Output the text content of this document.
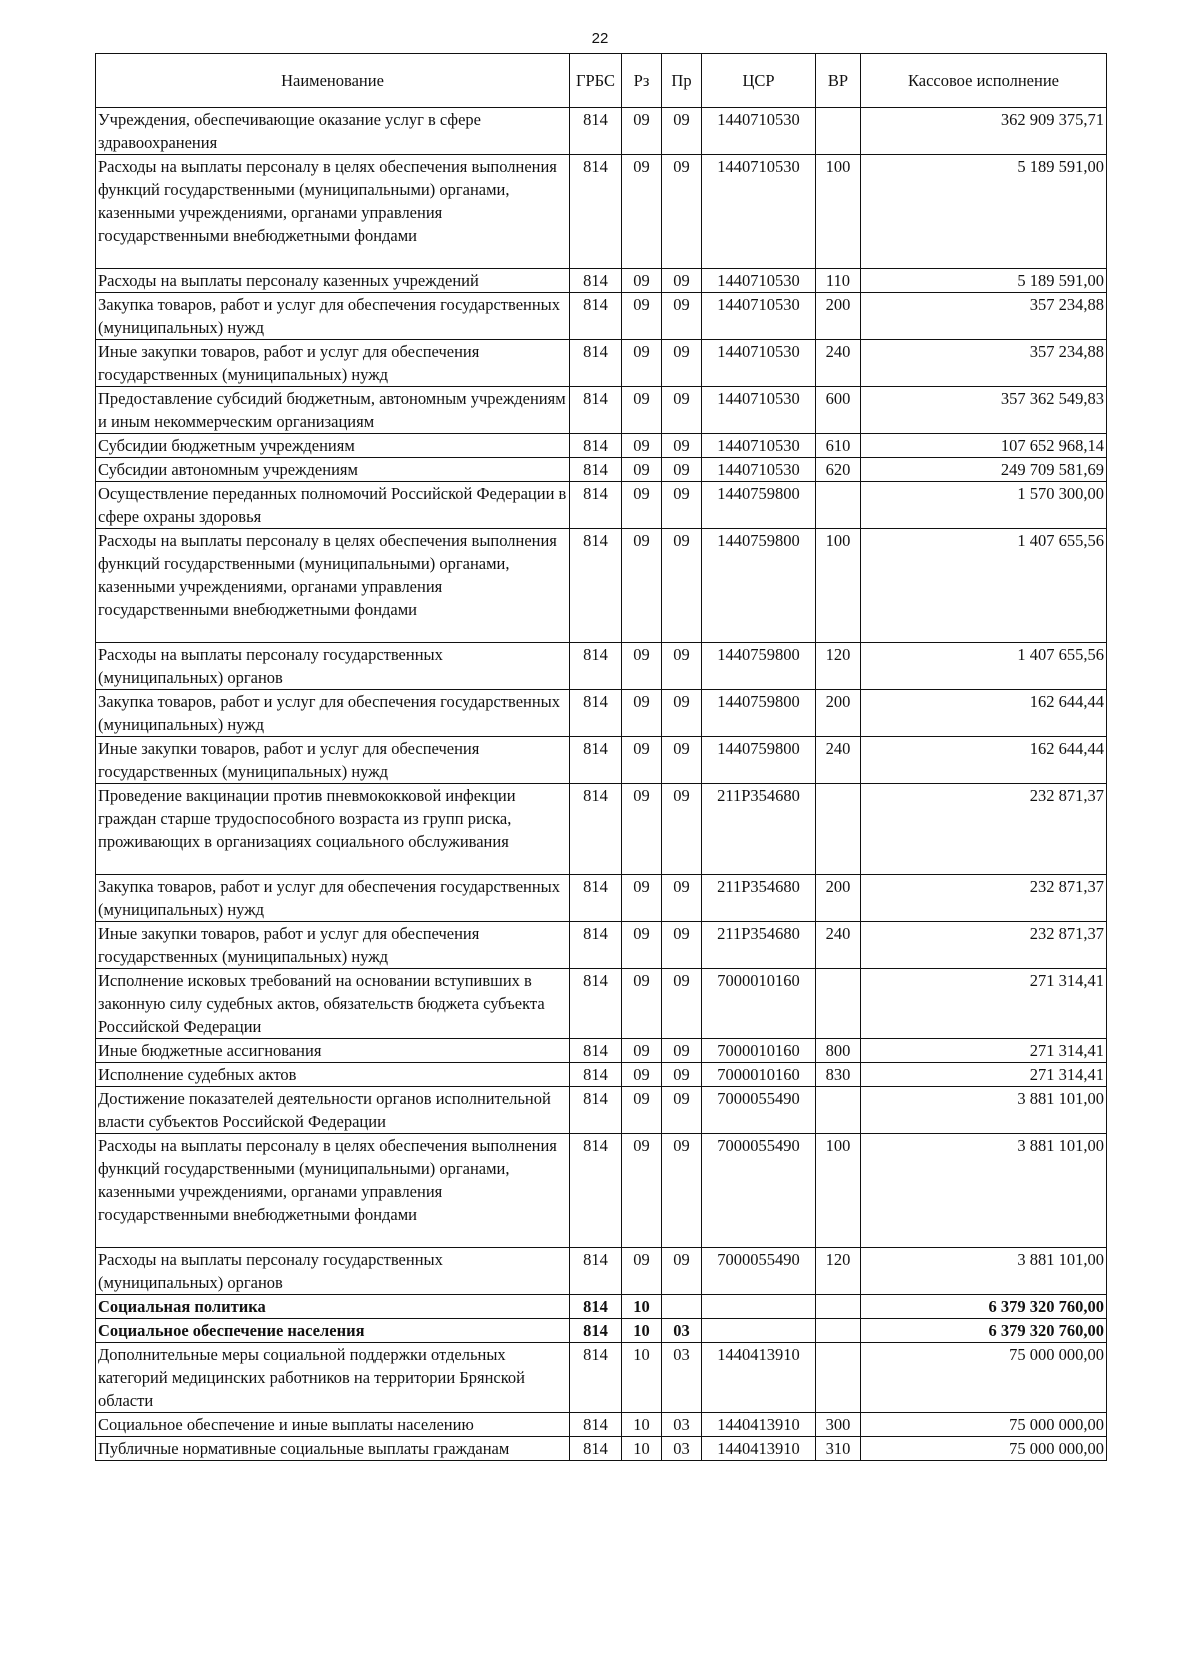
22
Наименование	ГРБС	Рз	Пр	ЦСР	ВР	Кассовое исполнение
Учреждения, обеспечивающие оказание услуг в сфере здравоохранения	814	09	09	1440710530		362 909 375,71
Расходы на выплаты персоналу в целях обеспечения выполнения функций государственными (муниципальными) органами, казенными учреждениями, органами управления государственными внебюджетными фондами	814	09	09	1440710530	100	5 189 591,00
Расходы на выплаты персоналу казенных учреждений	814	09	09	1440710530	110	5 189 591,00
Закупка товаров, работ и услуг для обеспечения государственных (муниципальных) нужд	814	09	09	1440710530	200	357 234,88
Иные закупки товаров, работ и услуг для обеспечения государственных (муниципальных) нужд	814	09	09	1440710530	240	357 234,88
Предоставление субсидий бюджетным, автономным учреждениям и иным некоммерческим организациям	814	09	09	1440710530	600	357 362 549,83
Субсидии бюджетным учреждениям	814	09	09	1440710530	610	107 652 968,14
Субсидии автономным учреждениям	814	09	09	1440710530	620	249 709 581,69
Осуществление переданных полномочий Российской Федерации в сфере охраны здоровья	814	09	09	1440759800		1 570 300,00
Расходы на выплаты персоналу в целях обеспечения выполнения функций государственными (муниципальными) органами, казенными учреждениями, органами управления государственными внебюджетными фондами	814	09	09	1440759800	100	1 407 655,56
Расходы на выплаты персоналу государственных (муниципальных) органов	814	09	09	1440759800	120	1 407 655,56
Закупка товаров, работ и услуг для обеспечения государственных (муниципальных) нужд	814	09	09	1440759800	200	162 644,44
Иные закупки товаров, работ и услуг для обеспечения государственных (муниципальных) нужд	814	09	09	1440759800	240	162 644,44
Проведение вакцинации против пневмококковой инфекции граждан старше трудоспособного возраста из групп риска, проживающих в организациях социального обслуживания	814	09	09	211P354680		232 871,37
Закупка товаров, работ и услуг для обеспечения государственных (муниципальных) нужд	814	09	09	211P354680	200	232 871,37
Иные закупки товаров, работ и услуг для обеспечения государственных (муниципальных) нужд	814	09	09	211P354680	240	232 871,37
Исполнение исковых требований на основании вступивших в законную силу судебных актов, обязательств бюджета субъекта Российской Федерации	814	09	09	7000010160		271 314,41
Иные бюджетные ассигнования	814	09	09	7000010160	800	271 314,41
Исполнение судебных актов	814	09	09	7000010160	830	271 314,41
Достижение показателей деятельности органов исполнительной власти субъектов Российской Федерации	814	09	09	7000055490		3 881 101,00
Расходы на выплаты персоналу в целях обеспечения выполнения функций государственными (муниципальными) органами, казенными учреждениями, органами управления государственными внебюджетными фондами	814	09	09	7000055490	100	3 881 101,00
Расходы на выплаты персоналу государственных (муниципальных) органов	814	09	09	7000055490	120	3 881 101,00
Социальная политика	814	10				6 379 320 760,00
Социальное обеспечение населения	814	10	03			6 379 320 760,00
Дополнительные меры социальной поддержки отдельных категорий медицинских работников на территории Брянской области	814	10	03	1440413910		75 000 000,00
Социальное обеспечение и иные выплаты населению	814	10	03	1440413910	300	75 000 000,00
Публичные нормативные социальные выплаты гражданам	814	10	03	1440413910	310	75 000 000,00
